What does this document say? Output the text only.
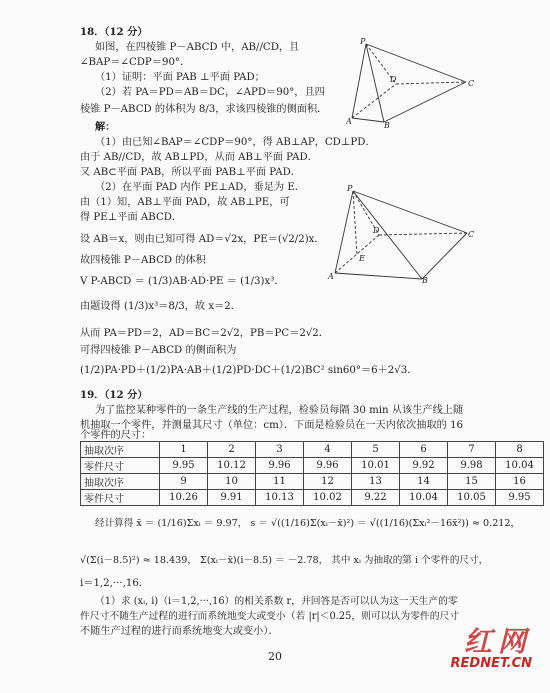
18．（12 分）
如图，在四棱锥 P－ABCD 中，AB//CD，且
∠BAP＝∠CDP＝90°．
（1）证明：平面 PAB ⊥平面 PAD；
（2）若 PA＝PD＝AB＝DC，∠APD＝90°，且四
棱锥 P－ABCD 的体积为 8/3，求该四棱锥的侧面积．
P
A	B
C
D
解：
（1）由已知∠BAP＝∠CDP＝90°，得 AB⊥AP，CD⊥PD．
由于 AB//CD，故 AB⊥PD，从而 AB⊥平面 PAD．
又 AB⊂平面 PAB，所以平面 PAB⊥平面 PAD．
（2）在平面 PAD 内作 PE⊥AD，垂足为 E．
由（1）知，AB⊥平面 PAD，故 AB⊥PE，可
得 PE⊥平面 ABCD．
设 AB＝x，则由已知可得 AD＝√2x，PE＝(√2/2)x．
故四棱锥 P－ABCD 的体积
V P-ABCD ＝ (1/3)AB·AD·PE ＝ (1/3)x³．
由题设得 (1/3)x³＝8/3，故 x＝2．
从而 PA＝PD＝2，AD＝BC＝2√2，PB＝PC＝2√2．
可得四棱锥 P－ABCD 的侧面积为
(1/2)PA·PD＋(1/2)PA·AB＋(1/2)PD·DC＋(1/2)BC² sin60°＝6＋2√3．
P
A	B
C
D
E
19．（12 分）
为了监控某种零件的一条生产线的生产过程，检验员每隔 30 min 从该生产线上随
机抽取一个零件，并测量其尺寸（单位：cm）．下面是检验员在一天内依次抽取的 16
个零件的尺寸：
抽取次序	1	2	3	4	5	6	7	8
零件尺寸	9.95	10.12	9.96	9.96	10.01	9.92	9.98	10.04
抽取次序	9	10	11	12	13	14	15	16
零件尺寸	10.26	9.91	10.13	10.02	9.22	10.04	10.05	9.95
经计算得 x̄ ＝ (1/16)Σxᵢ ＝ 9.97， s ＝ √((1/16)Σ(xᵢ－x̄)²) ＝ √((1/16)(Σxᵢ²－16x̄²)) ≈ 0.212，
√(Σ(i－8.5)²) ≈ 18.439， Σ(xᵢ－x̄)(i－8.5) ＝ －2.78， 其中 xᵢ 为抽取的第 i 个零件的尺寸，
i＝1,2,···,16．
（1）求 (xᵢ, i)（i＝1,2,···,16）的相关系数 r，并回答是否可以认为这一天生产的零
件尺寸不随生产过程的进行而系统地变大或变小（若 |r|＜0.25，则可以认为零件的尺寸
不随生产过程的进行而系统地变大或变小）．
20	红网
REDNET.CN
